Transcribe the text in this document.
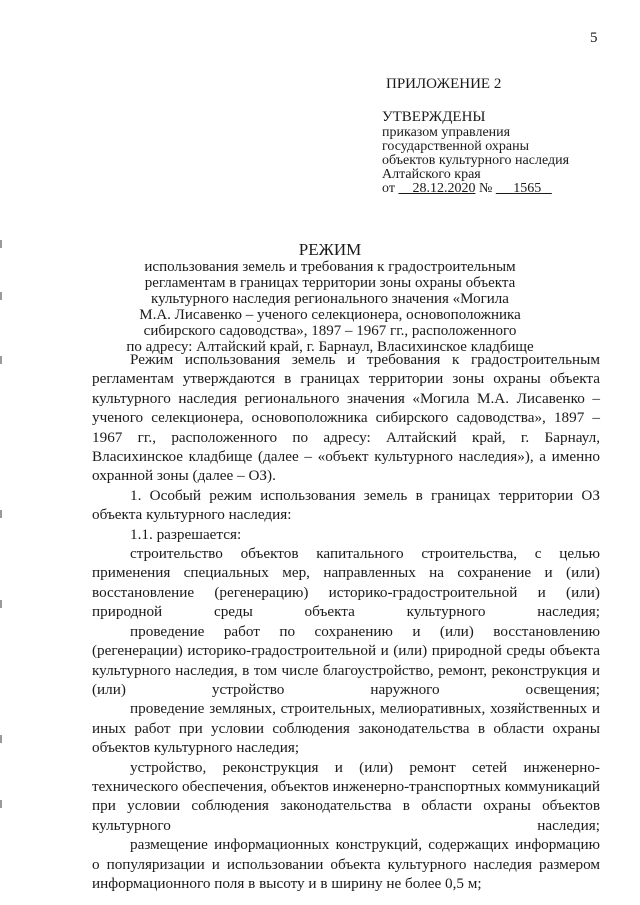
5
ПРИЛОЖЕНИЕ 2
УТВЕРЖДЕНЫ
приказом управления
государственной охраны
объектов культурного наследия
Алтайского края
от 28.12.2020 № 1565
РЕЖИМ
использования земель и требования к градостроительным
регламентам в границах территории зоны охраны объекта
культурного наследия регионального значения «Могила
М.А. Лисавенко – ученого селекционера, основоположника
сибирского садоводства», 1897 – 1967 гг., расположенного
по адресу: Алтайский край, г. Барнаул, Власихинское кладбище

Режим использования земель и требования к градостроительным регламентам утверждаются в границах территории зоны охраны объекта культурного наследия регионального значения «Могила М.А. Лисавенко – ученого селекционера, основоположника сибирского садоводства», 1897 – 1967 гг., расположенного по адресу: Алтайский край, г. Барнаул, Власихинское кладбище (далее – «объект культурного наследия»), а именно охранной зоны (далее – ОЗ).

1. Особый режим использования земель в границах территории ОЗ объекта культурного наследия:

1.1. разрешается:

строительство объектов капитального строительства, с целью применения специальных мер, направленных на сохранение и (или) восстановление (регенерацию) историко-градостроительной и (или) природной среды объекта культурного наследия;

проведение работ по сохранению и (или) восстановлению (регенерации) историко-градостроительной и (или) природной среды объекта культурного наследия, в том числе благоустройство, ремонт, реконструкция и (или) устройство наружного освещения;

проведение земляных, строительных, мелиоративных, хозяйственных и иных работ при условии соблюдения законодательства в области охраны объектов культурного наследия;

устройство, реконструкция и (или) ремонт сетей инженерно-технического обеспечения, объектов инженерно-транспортных коммуникаций при условии соблюдения законодательства в области охраны объектов культурного наследия;

размещение информационных конструкций, содержащих информацию о популяризации и использовании объекта культурного наследия размером информационного поля в высоту и в ширину не более 0,5 м;
